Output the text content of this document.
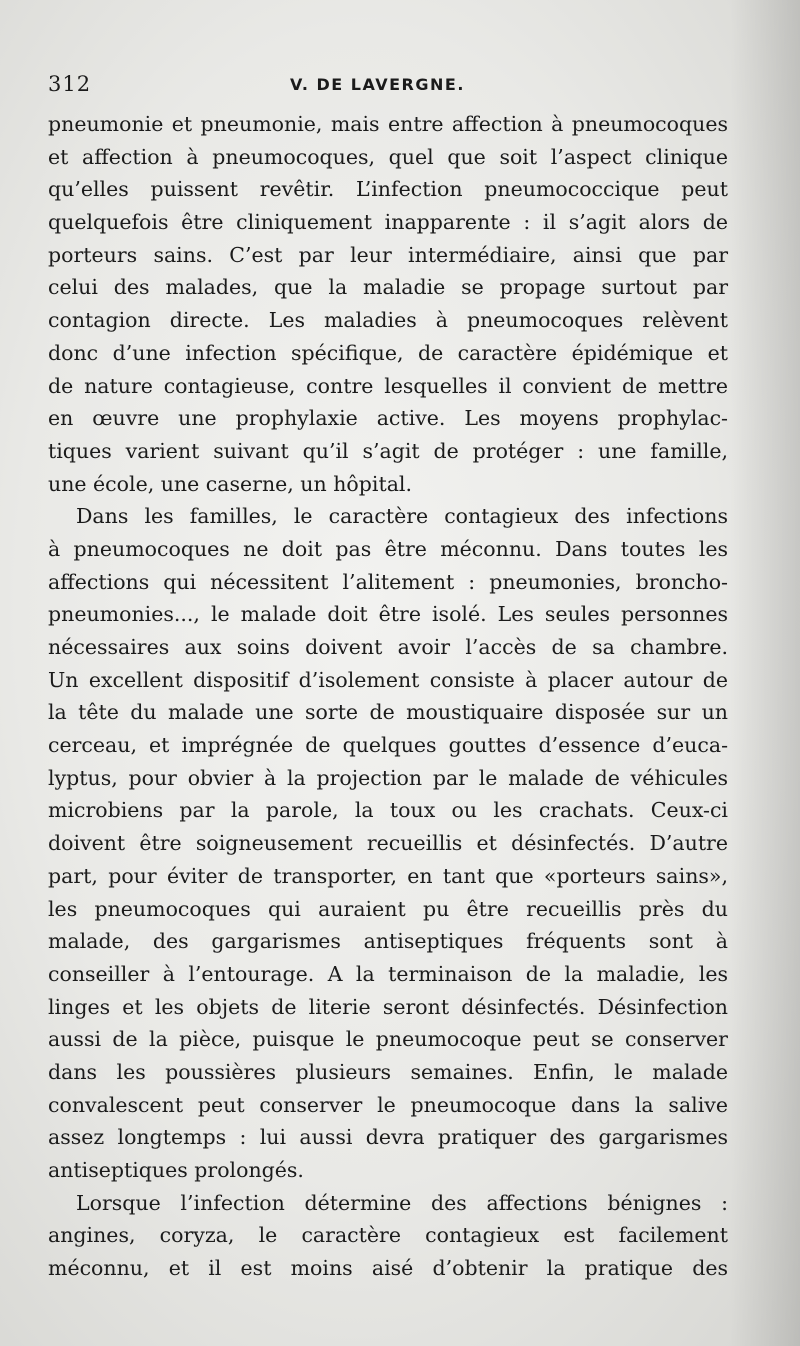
312	V. DE LAVERGNE.
pneumonie et pneumonie, mais entre affection à pneumocoques
et affection à pneumocoques, quel que soit l’aspect clinique
qu’elles puissent revêtir. L’infection pneumococcique peut
quelquefois être cliniquement inapparente : il s’agit alors de
porteurs sains. C’est par leur intermédiaire, ainsi que par
celui des malades, que la maladie se propage surtout par
contagion directe. Les maladies à pneumocoques relèvent
donc d’une infection spécifique, de caractère épidémique et
de nature contagieuse, contre lesquelles il convient de mettre
en œuvre une prophylaxie active. Les moyens prophylac-
tiques varient suivant qu’il s’agit de protéger : une famille,
une école, une caserne, un hôpital.
Dans les familles, le caractère contagieux des infections
à pneumocoques ne doit pas être méconnu. Dans toutes les
affections qui nécessitent l’alitement : pneumonies, broncho-
pneumonies..., le malade doit être isolé. Les seules personnes
nécessaires aux soins doivent avoir l’accès de sa chambre.
Un excellent dispositif d’isolement consiste à placer autour de
la tête du malade une sorte de moustiquaire disposée sur un
cerceau, et imprégnée de quelques gouttes d’essence d’euca-
lyptus, pour obvier à la projection par le malade de véhicules
microbiens par la parole, la toux ou les crachats. Ceux-ci
doivent être soigneusement recueillis et désinfectés. D’autre
part, pour éviter de transporter, en tant que «porteurs sains»,
les pneumocoques qui auraient pu être recueillis près du
malade, des gargarismes antiseptiques fréquents sont à
conseiller à l’entourage. A la terminaison de la maladie, les
linges et les objets de literie seront désinfectés. Désinfection
aussi de la pièce, puisque le pneumocoque peut se conserver
dans les poussières plusieurs semaines. Enfin, le malade
convalescent peut conserver le pneumocoque dans la salive
assez longtemps : lui aussi devra pratiquer des gargarismes
antiseptiques prolongés.
Lorsque l’infection détermine des affections bénignes :
angines, coryza, le caractère contagieux est facilement
méconnu, et il est moins aisé d’obtenir la pratique des
